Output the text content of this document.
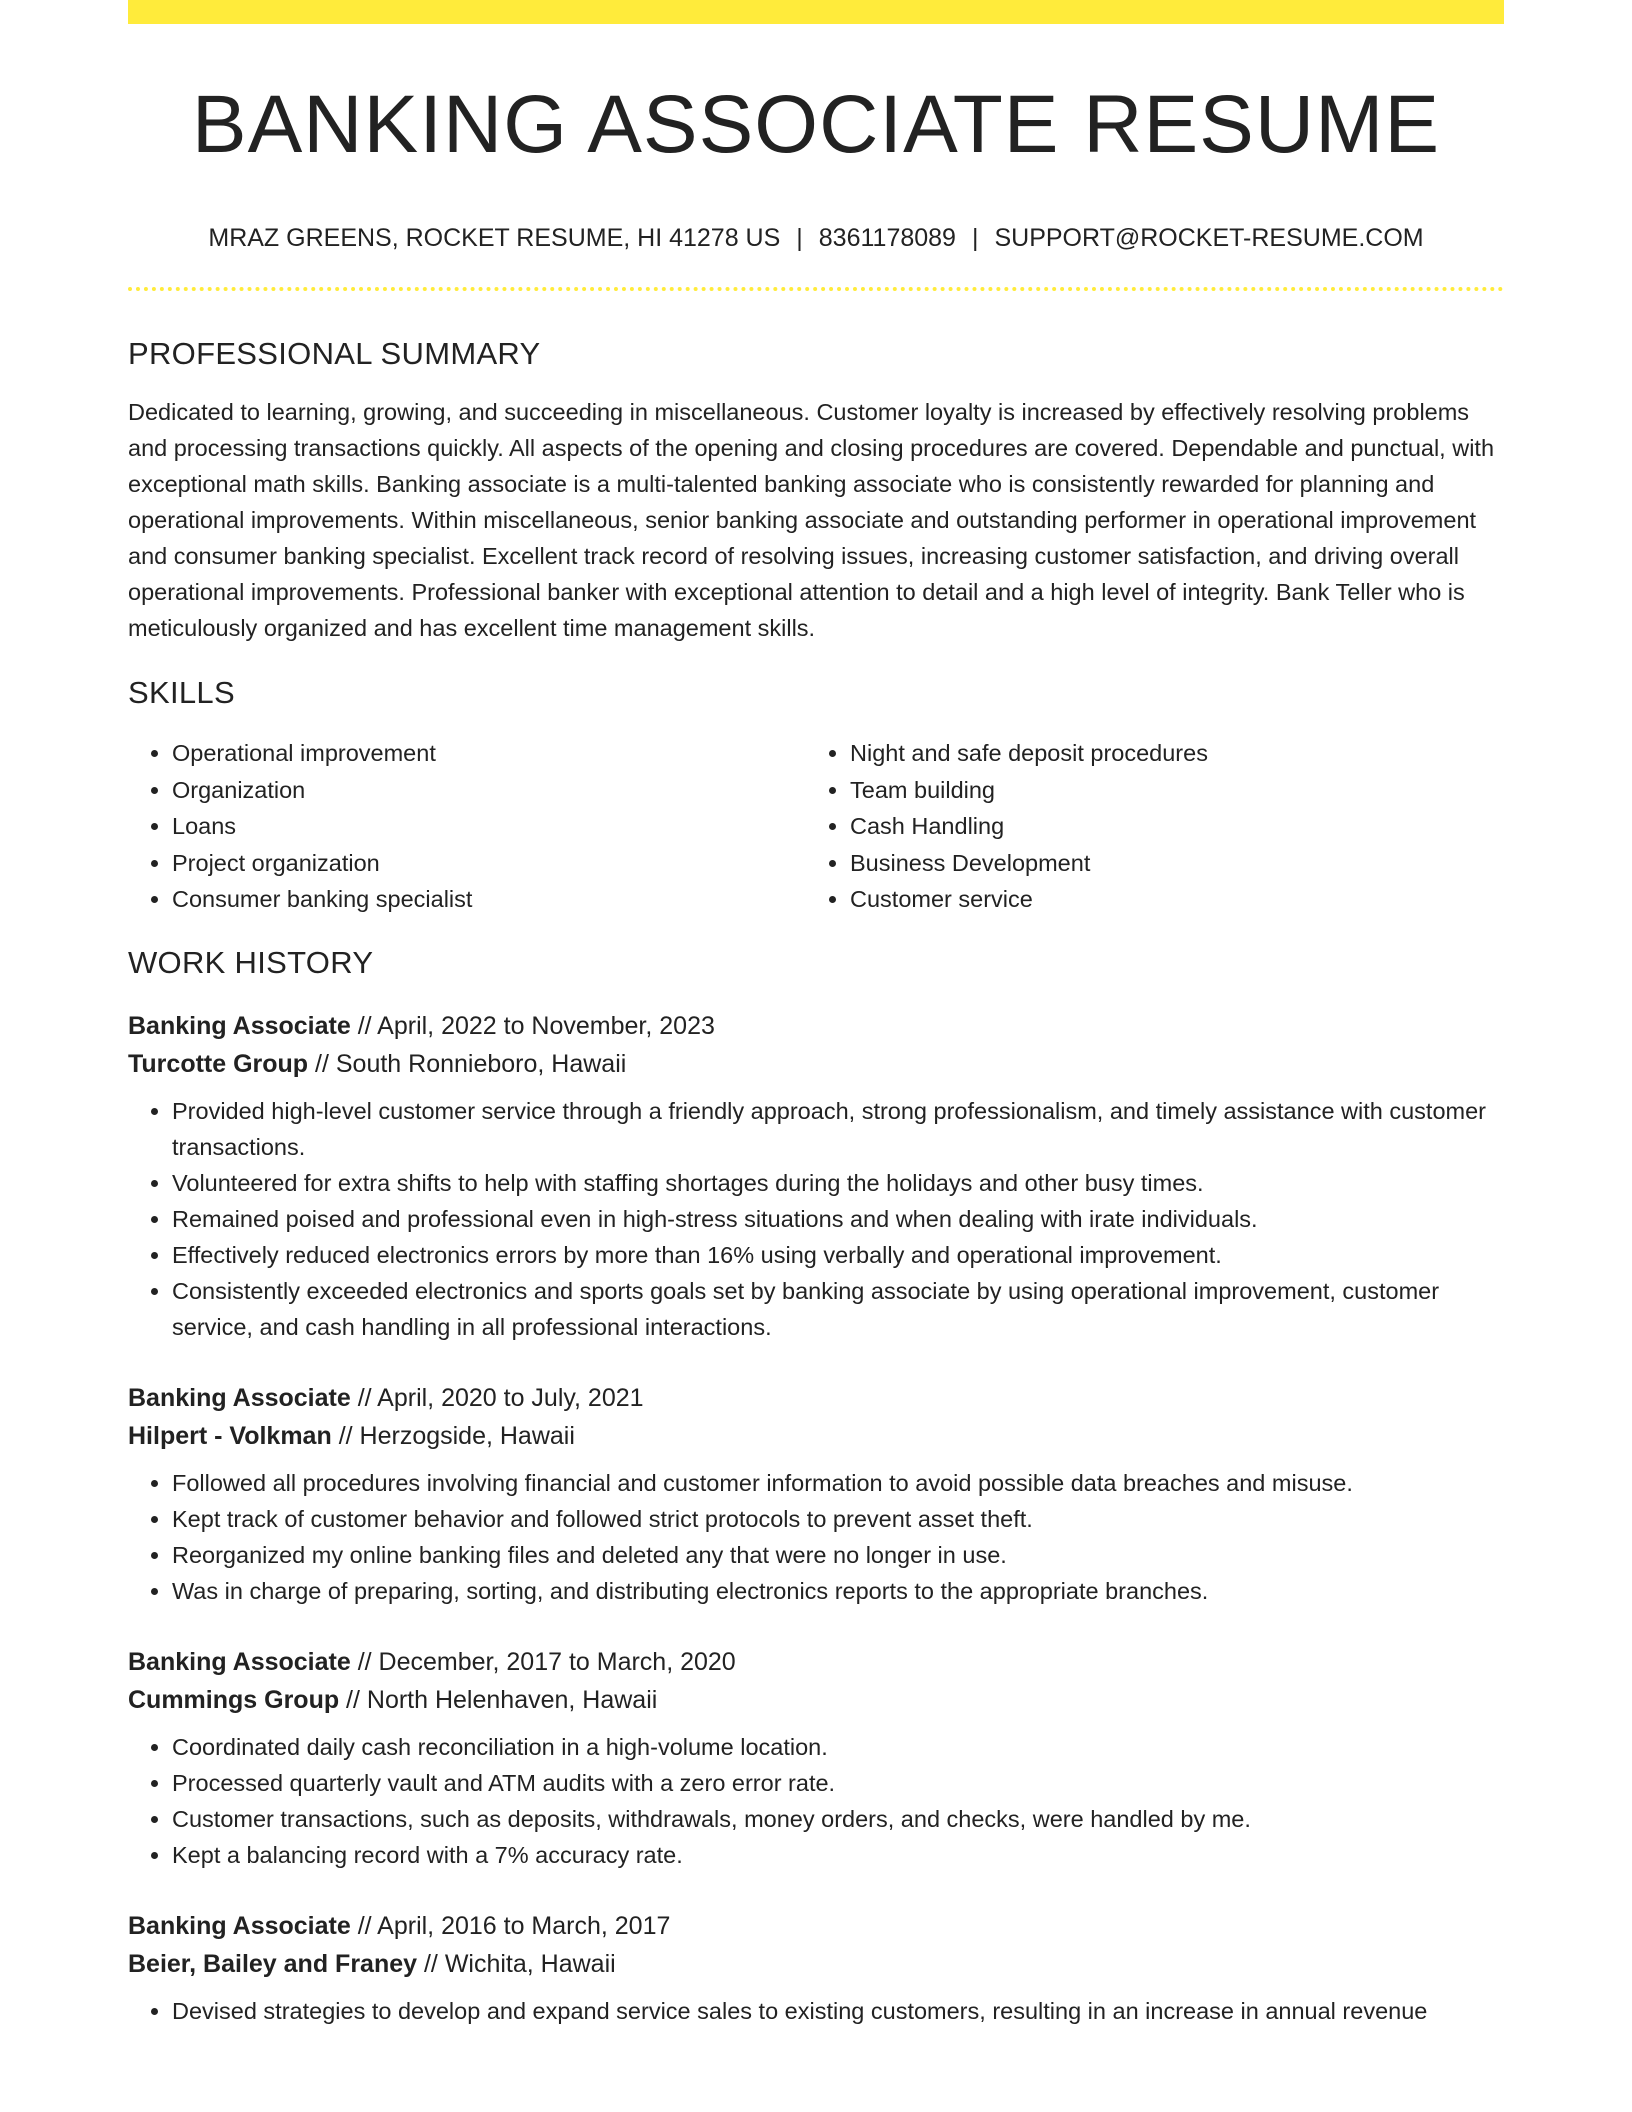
BANKING ASSOCIATE RESUME
MRAZ GREENS, ROCKET RESUME, HI 41278 US | 8361178089 | SUPPORT@ROCKET-RESUME.COM
PROFESSIONAL SUMMARY
Dedicated to learning, growing, and succeeding in miscellaneous. Customer loyalty is increased by effectively resolving problems and processing transactions quickly. All aspects of the opening and closing procedures are covered. Dependable and punctual, with exceptional math skills. Banking associate is a multi-talented banking associate who is consistently rewarded for planning and operational improvements. Within miscellaneous, senior banking associate and outstanding performer in operational improvement and consumer banking specialist. Excellent track record of resolving issues, increasing customer satisfaction, and driving overall operational improvements. Professional banker with exceptional attention to detail and a high level of integrity. Bank Teller who is meticulously organized and has excellent time management skills.
SKILLS
• Operational improvement
• Organization
• Loans
• Project organization
• Consumer banking specialist
• Night and safe deposit procedures
• Team building
• Cash Handling
• Business Development
• Customer service
WORK HISTORY
Banking Associate // April, 2022 to November, 2023
Turcotte Group // South Ronnieboro, Hawaii
• Provided high-level customer service through a friendly approach, strong professionalism, and timely assistance with customer transactions.
• Volunteered for extra shifts to help with staffing shortages during the holidays and other busy times.
• Remained poised and professional even in high-stress situations and when dealing with irate individuals.
• Effectively reduced electronics errors by more than 16% using verbally and operational improvement.
• Consistently exceeded electronics and sports goals set by banking associate by using operational improvement, customer service, and cash handling in all professional interactions.
Banking Associate // April, 2020 to July, 2021
Hilpert - Volkman // Herzogside, Hawaii
• Followed all procedures involving financial and customer information to avoid possible data breaches and misuse.
• Kept track of customer behavior and followed strict protocols to prevent asset theft.
• Reorganized my online banking files and deleted any that were no longer in use.
• Was in charge of preparing, sorting, and distributing electronics reports to the appropriate branches.
Banking Associate // December, 2017 to March, 2020
Cummings Group // North Helenhaven, Hawaii
• Coordinated daily cash reconciliation in a high-volume location.
• Processed quarterly vault and ATM audits with a zero error rate.
• Customer transactions, such as deposits, withdrawals, money orders, and checks, were handled by me.
• Kept a balancing record with a 7% accuracy rate.
Banking Associate // April, 2016 to March, 2017
Beier, Bailey and Franey // Wichita, Hawaii
• Devised strategies to develop and expand service sales to existing customers, resulting in an increase in annual revenue
